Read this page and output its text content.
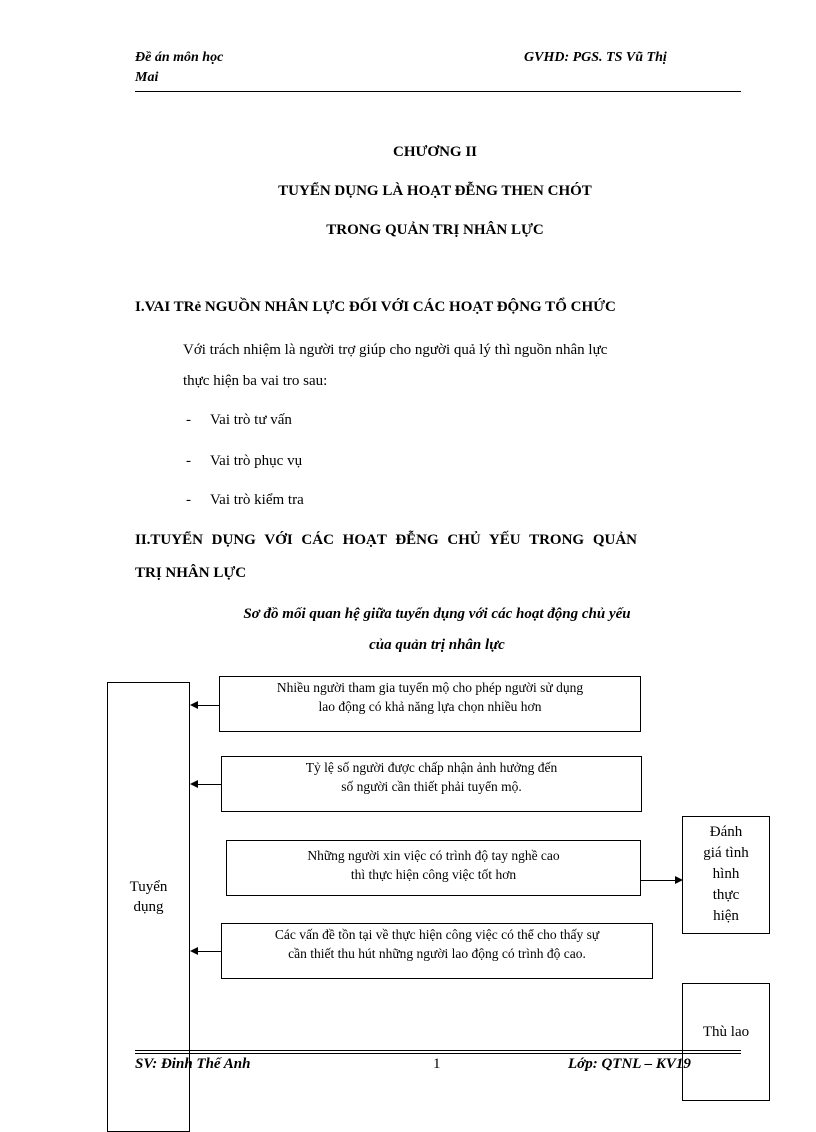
Đề án môn học
Mai
GVHD: PGS. TS Vũ Thị
CHƯƠNG II
TUYỂN DỤNG LÀ HOẠT ĐỄNG THEN CHÓT
TRONG QUẢN TRỊ NHÂN LỰC
I.VAI TRẻ NGUỒN NHÂN LỰC ĐỐI VỚI CÁC HOẠT ĐỘNG TỔ CHỨC
Với trách nhiệm là người trợ giúp cho người quả lý thì nguồn nhân lực
thực hiện ba vai tro sau:
- Vai trò tư vấn
- Vai trò phục vụ
- Vai trò kiểm tra
II.TUYỂN DỤNG VỚI CÁC HOẠT ĐỄNG CHỦ YẾU TRONG QUẢN
TRỊ NHÂN LỰC
Sơ đồ mối quan hệ giữa tuyển dụng với các hoạt động chủ yếu
của quản trị nhân lực
Tuyển
dụng
Nhiều người tham gia tuyển mộ cho phép người sử dụng
lao động có khả năng lựa chọn nhiều hơn
Tỷ lệ số người được chấp nhận ảnh hưởng đến
số người cần thiết phải tuyển mộ.
Những người xin việc có trình độ tay nghề cao
thì thực hiện công việc tốt hơn
Các vấn đề tồn tại về thực hiện công việc có thể cho thấy sự
cần thiết thu hút những người lao động có trình độ cao.
Đánh
giá tình
hình
thực
hiện
Thù lao
SV: Đinh Thế Anh	1	Lớp: QTNL – KV19
